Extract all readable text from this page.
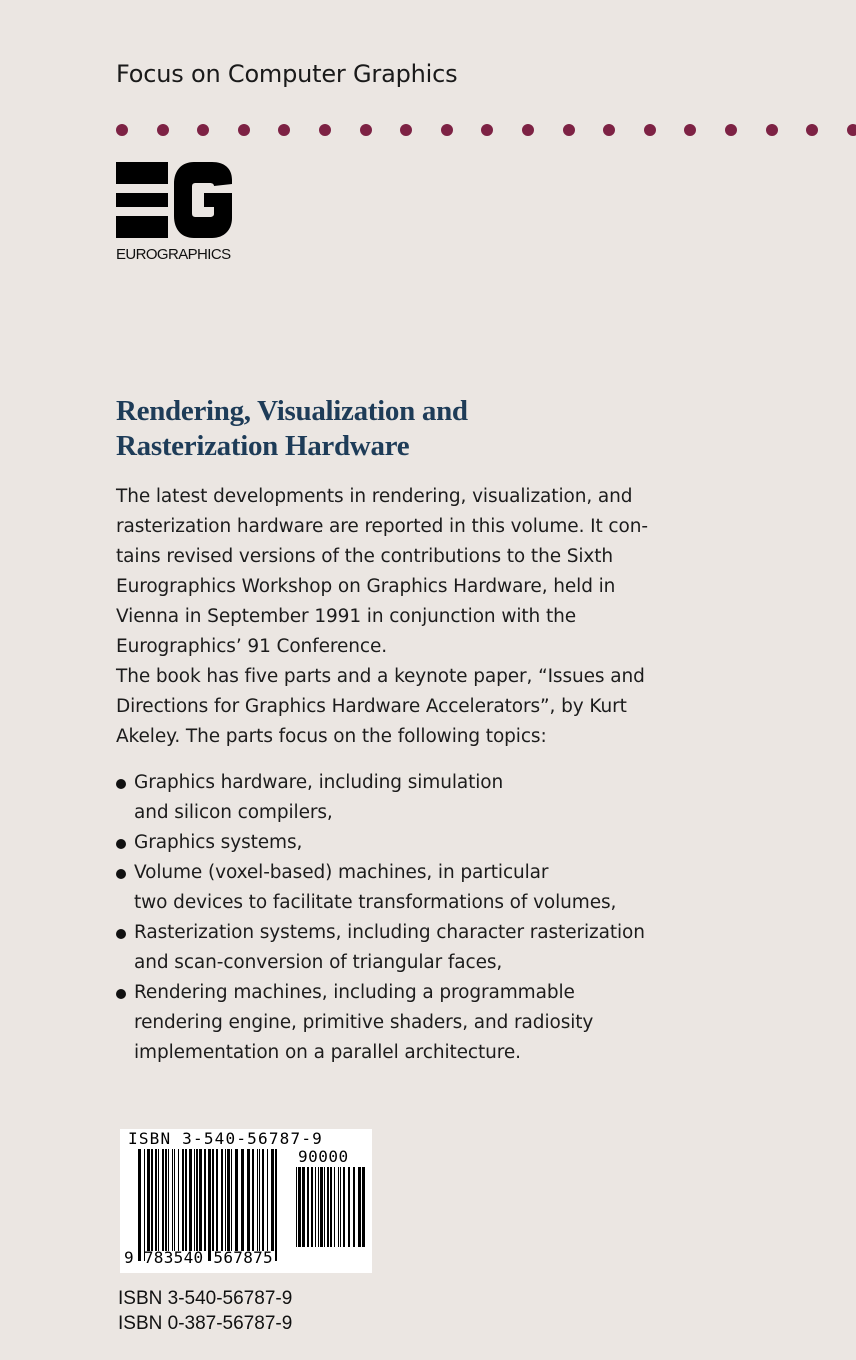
Focus on Computer Graphics
EUROGRAPHICS
Rendering, Visualization and
Rasterization Hardware

The latest developments in rendering, visualization, and
rasterization hardware are reported in this volume. It con-
tains revised versions of the contributions to the Sixth
Eurographics Workshop on Graphics Hardware, held in
Vienna in September 1991 in conjunction with the
Eurographics’ 91 Conference.

The book has five parts and a keynote paper, “Issues and
Directions for Graphics Hardware Accelerators”, by Kurt
Akeley. The parts focus on the following topics:

Graphics hardware, including simulation
and silicon compilers,
Graphics systems,
Volume (voxel-based) machines, in particular
two devices to facilitate transformations of volumes,
Rasterization systems, including character rasterization
and scan-conversion of triangular faces,
Rendering machines, including a programmable
rendering engine, primitive shaders, and radiosity
implementation on a parallel architecture.
ISBN 3-540-56787-9
90000
9 783540 567875
ISBN 3-540-56787-9
ISBN 0-387-56787-9
